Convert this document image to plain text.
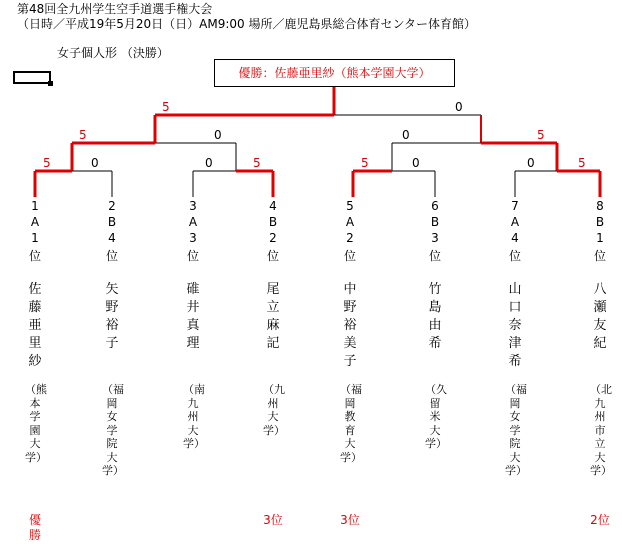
第48回全九州学生空手道選手権大会
（日時／平成19年5月20日（日）AM9:00 場所／鹿児島県総合体育センター体育館）
女子個人形 （決勝）
優勝：佐藤亜里紗（熊本学園大学）
5	0
5	0	0	5
5	0	0	5	5	0	0	5
1
A
1
位
佐藤亜里紗
（熊本学園大学）
優勝
2
B
4
位
矢野裕子
（福岡女学院大学）
3
A
3
位
碓井真理
（南九州大学）
4
B
2
位
尾立麻記
（九州大学）
3位
5
A
2
位
中野裕美子
（福岡教育大学）
3位
6
B
3
位
竹島由希
（久留米大学）
7
A
4
位
山口奈津希
（福岡女学院大学）
8
B
1
位
八瀬友紀
（北九州市立大学）
2位
